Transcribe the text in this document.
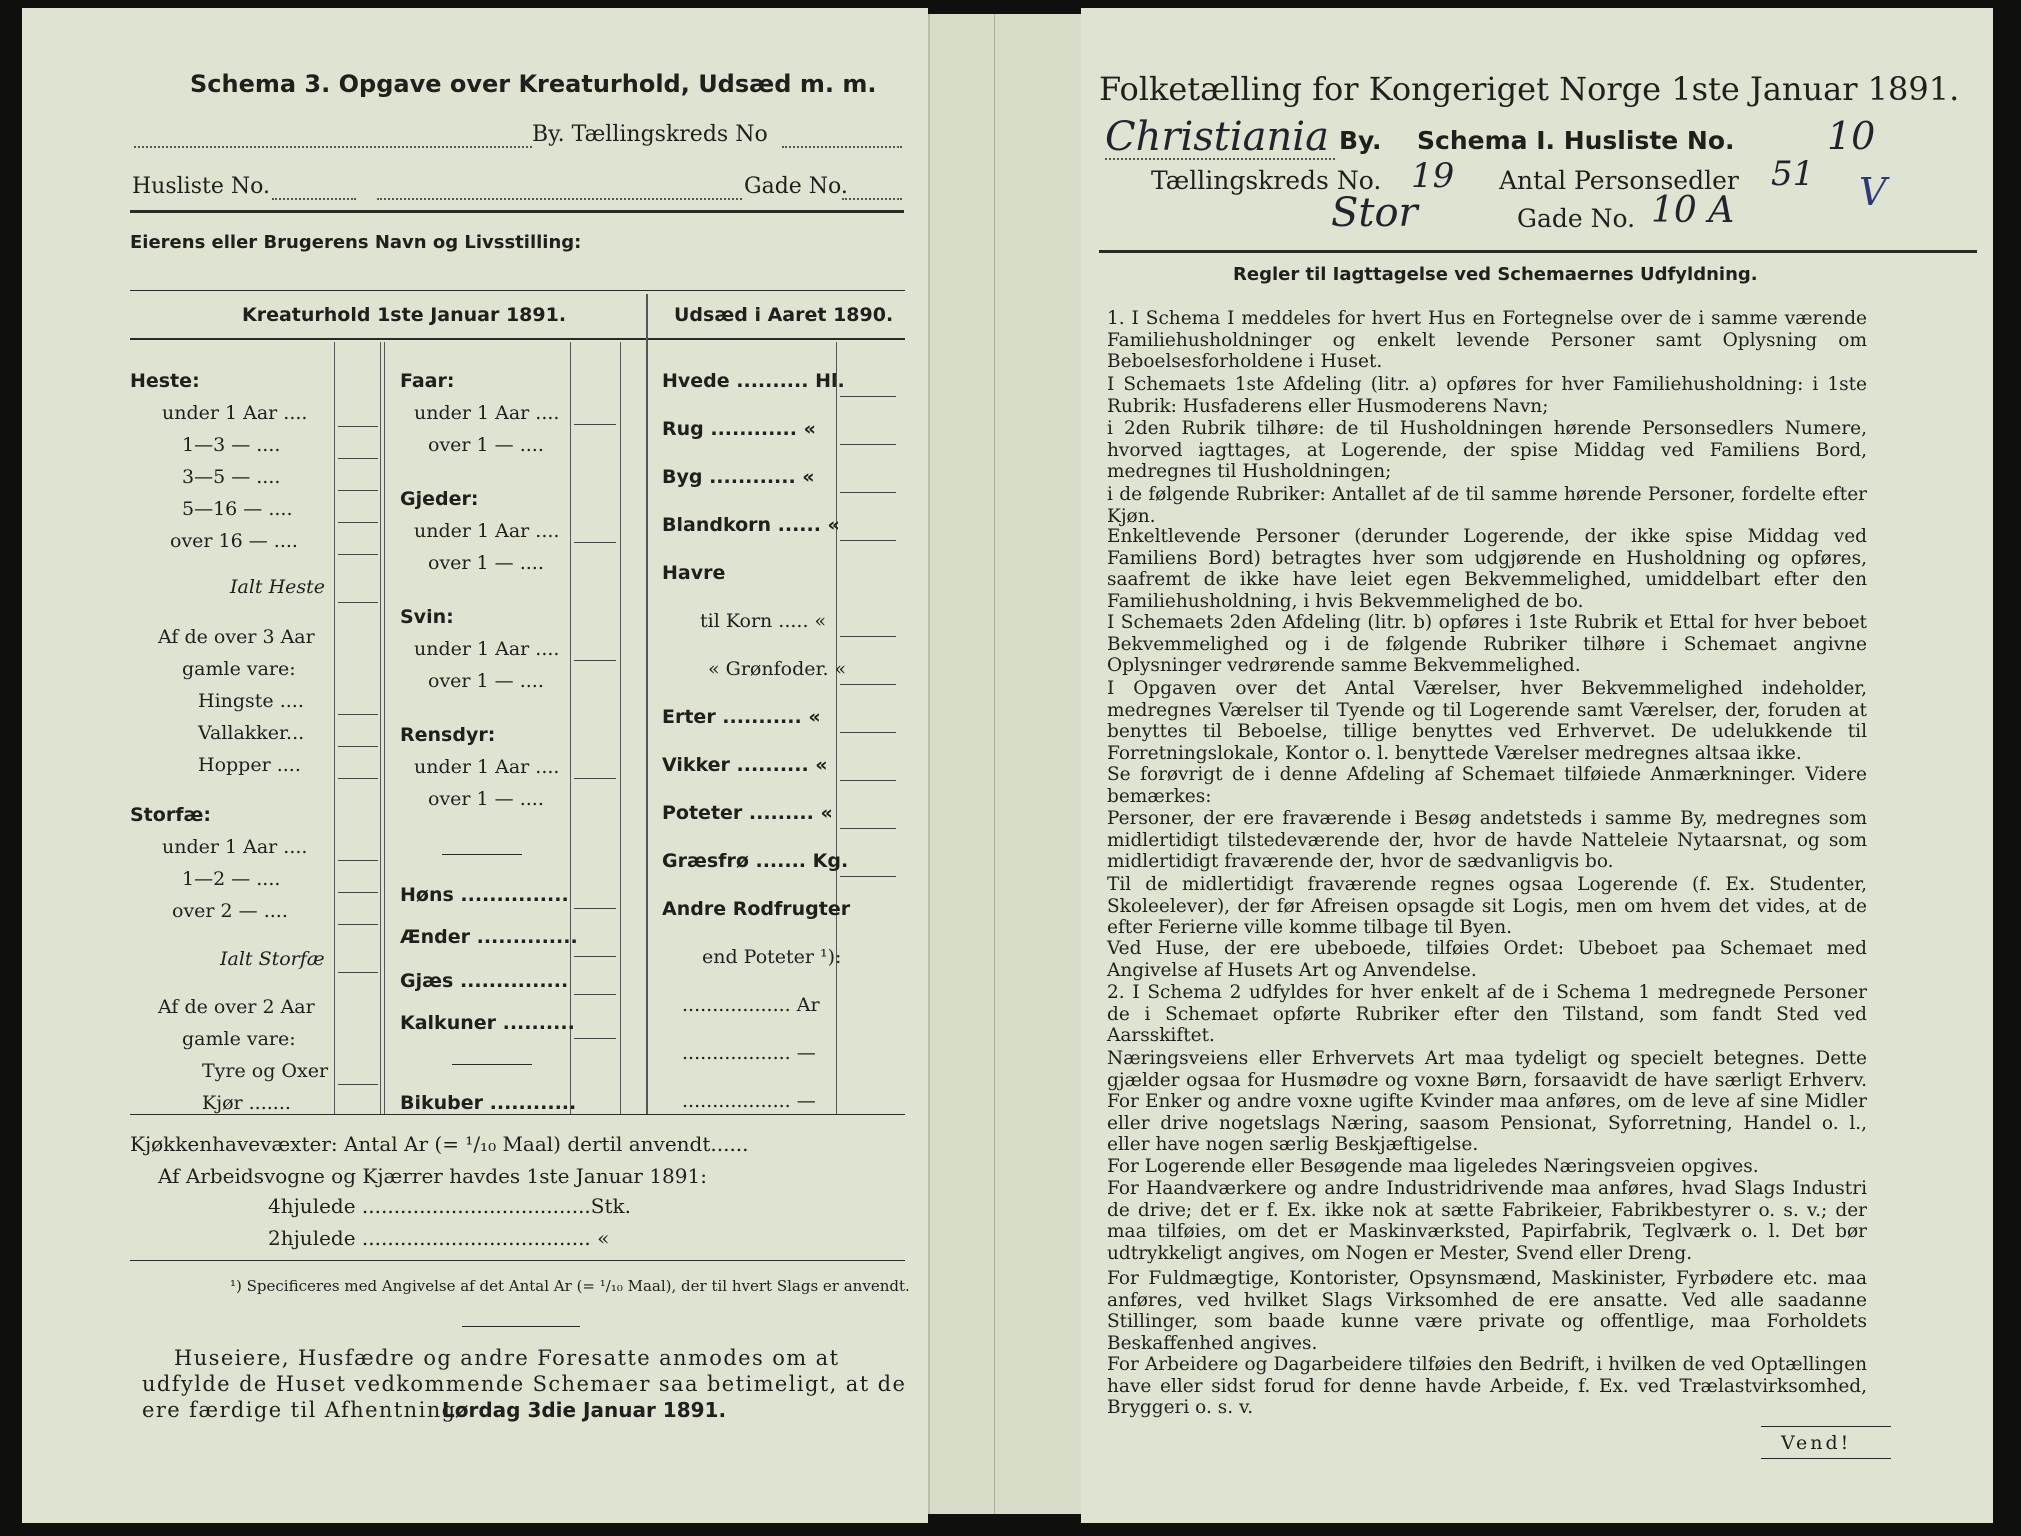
Schema 3. Opgave over Kreaturhold, Udsæd m. m.
By. Tællingskreds No
Husliste No.	Gade No.
Eierens eller Brugerens Navn og Livsstilling:
Kreaturhold 1ste Januar 1891.	Udsæd i Aaret 1890.
Heste:
under 1 Aar ....
1—3 — ....
3—5 — ....
5—16 — ....
over 16 — ....
Ialt Heste
Af de over 3 Aar
gamle vare:
Hingste ....
Vallakker...
Hopper ....
Storfæ:
under 1 Aar ....
1—2 — ....
over 2 — ....
Ialt Storfæ
Af de over 2 Aar
gamle vare:
Tyre og Oxer
Kjør .......
Faar:
under 1 Aar ....
over 1 — ....
Gjeder:
under 1 Aar ....
over 1 — ....
Svin:
under 1 Aar ....
over 1 — ....
Rensdyr:
under 1 Aar ....
over 1 — ....
Høns ...............
Ænder ..............
Gjæs ...............
Kalkuner ..........
Bikuber ............
Hvede .......... Hl.
Rug ............ «
Byg ............ «
Blandkorn ...... «
Havre
til Korn ..... «
« Grønfoder. «
Erter ........... «
Vikker .......... «
Poteter ......... «
Græsfrø ....... Kg.
Andre Rodfrugter
end Poteter ¹):
.................. Ar
.................. —
.................. —
Kjøkkenhavevæxter: Antal Ar (= ¹/₁₀ Maal) dertil anvendt......
Af Arbeidsvogne og Kjærrer havdes 1ste Januar 1891:
4hjulede ....................................Stk.
2hjulede .................................... «
¹) Specificeres med Angivelse af det Antal Ar (= ¹/₁₀ Maal), der til hvert Slags er anvendt.
Huseiere, Husfædre og andre Foresatte anmodes om at
udfylde de Huset vedkommende Schemaer saa betimeligt, at de
ere færdige til Afhentning
Lørdag 3die Januar 1891.
Folketælling for Kongeriget Norge 1ste Januar 1891.
Christiania By. Schema I. Husliste No. 10
Tællingskreds No. 19 Antal Personsedler 51 V
Stor	Gade No. 10 A
Regler til Iagttagelse ved Schemaernes Udfyldning.
1. I Schema I meddeles for hvert Hus en Fortegnelse over de i samme værende Familiehusholdninger og enkelt levende Personer samt Oplysning om Beboelsesforholdene i Huset.
I Schemaets 1ste Afdeling (litr. a) opføres for hver Familiehusholdning: i 1ste Rubrik: Husfaderens eller Husmoderens Navn;
i 2den Rubrik tilhøre: de til Husholdningen hørende Personsedlers Numere, hvorved iagttages, at Logerende, der spise Middag ved Familiens Bord, medregnes til Husholdningen;
i de følgende Rubriker: Antallet af de til samme hørende Personer, fordelte efter Kjøn.
Enkeltlevende Personer (derunder Logerende, der ikke spise Middag ved Familiens Bord) betragtes hver som udgjørende en Husholdning og opføres, saafremt de ikke have leiet egen Bekvemmelighed, umiddelbart efter den Familiehusholdning, i hvis Bekvemmelighed de bo.
I Schemaets 2den Afdeling (litr. b) opføres i 1ste Rubrik et Ettal for hver beboet Bekvemmelighed og i de følgende Rubriker tilhøre i Schemaet angivne Oplysninger vedrørende samme Bekvemmelighed.
I Opgaven over det Antal Værelser, hver Bekvemmelighed indeholder, medregnes Værelser til Tyende og til Logerende samt Værelser, der, foruden at benyttes til Beboelse, tillige benyttes ved Erhvervet. De udelukkende til Forretningslokale, Kontor o. l. benyttede Værelser medregnes altsaa ikke.
Se forøvrigt de i denne Afdeling af Schemaet tilføiede Anmærkninger. Videre bemærkes:
Personer, der ere fraværende i Besøg andetsteds i samme By, medregnes som midlertidigt tilstedeværende der, hvor de havde Natteleie Nytaarsnat, og som midlertidigt fraværende der, hvor de sædvanligvis bo.
Til de midlertidigt fraværende regnes ogsaa Logerende (f. Ex. Studenter, Skoleelever), der før Afreisen opsagde sit Logis, men om hvem det vides, at de efter Ferierne ville komme tilbage til Byen.
Ved Huse, der ere ubeboede, tilføies Ordet: Ubeboet paa Schemaet med Angivelse af Husets Art og Anvendelse.
2. I Schema 2 udfyldes for hver enkelt af de i Schema 1 medregnede Personer de i Schemaet opførte Rubriker efter den Tilstand, som fandt Sted ved Aarsskiftet.
Næringsveiens eller Erhvervets Art maa tydeligt og specielt betegnes. Dette gjælder ogsaa for Husmødre og voxne Børn, forsaavidt de have særligt Erhverv. For Enker og andre voxne ugifte Kvinder maa anføres, om de leve af sine Midler eller drive nogetslags Næring, saasom Pensionat, Syforretning, Handel o. l., eller have nogen særlig Beskjæftigelse.
For Logerende eller Besøgende maa ligeledes Næringsveien opgives.
For Haandværkere og andre Industridrivende maa anføres, hvad Slags Industri de drive; det er f. Ex. ikke nok at sætte Fabrikeier, Fabrikbestyrer o. s. v.; der maa tilføies, om det er Maskinværksted, Papirfabrik, Teglværk o. l. Det bør udtrykkeligt angives, om Nogen er Mester, Svend eller Dreng.
For Fuldmægtige, Kontorister, Opsynsmænd, Maskinister, Fyrbødere etc. maa anføres, ved hvilket Slags Virksomhed de ere ansatte. Ved alle saadanne Stillinger, som baade kunne være private og offentlige, maa Forholdets Beskaffenhed angives.
For Arbeidere og Dagarbeidere tilføies den Bedrift, i hvilken de ved Optællingen have eller sidst forud for denne havde Arbeide, f. Ex. ved Trælastvirksomhed, Bryggeri o. s. v.
Vend!
